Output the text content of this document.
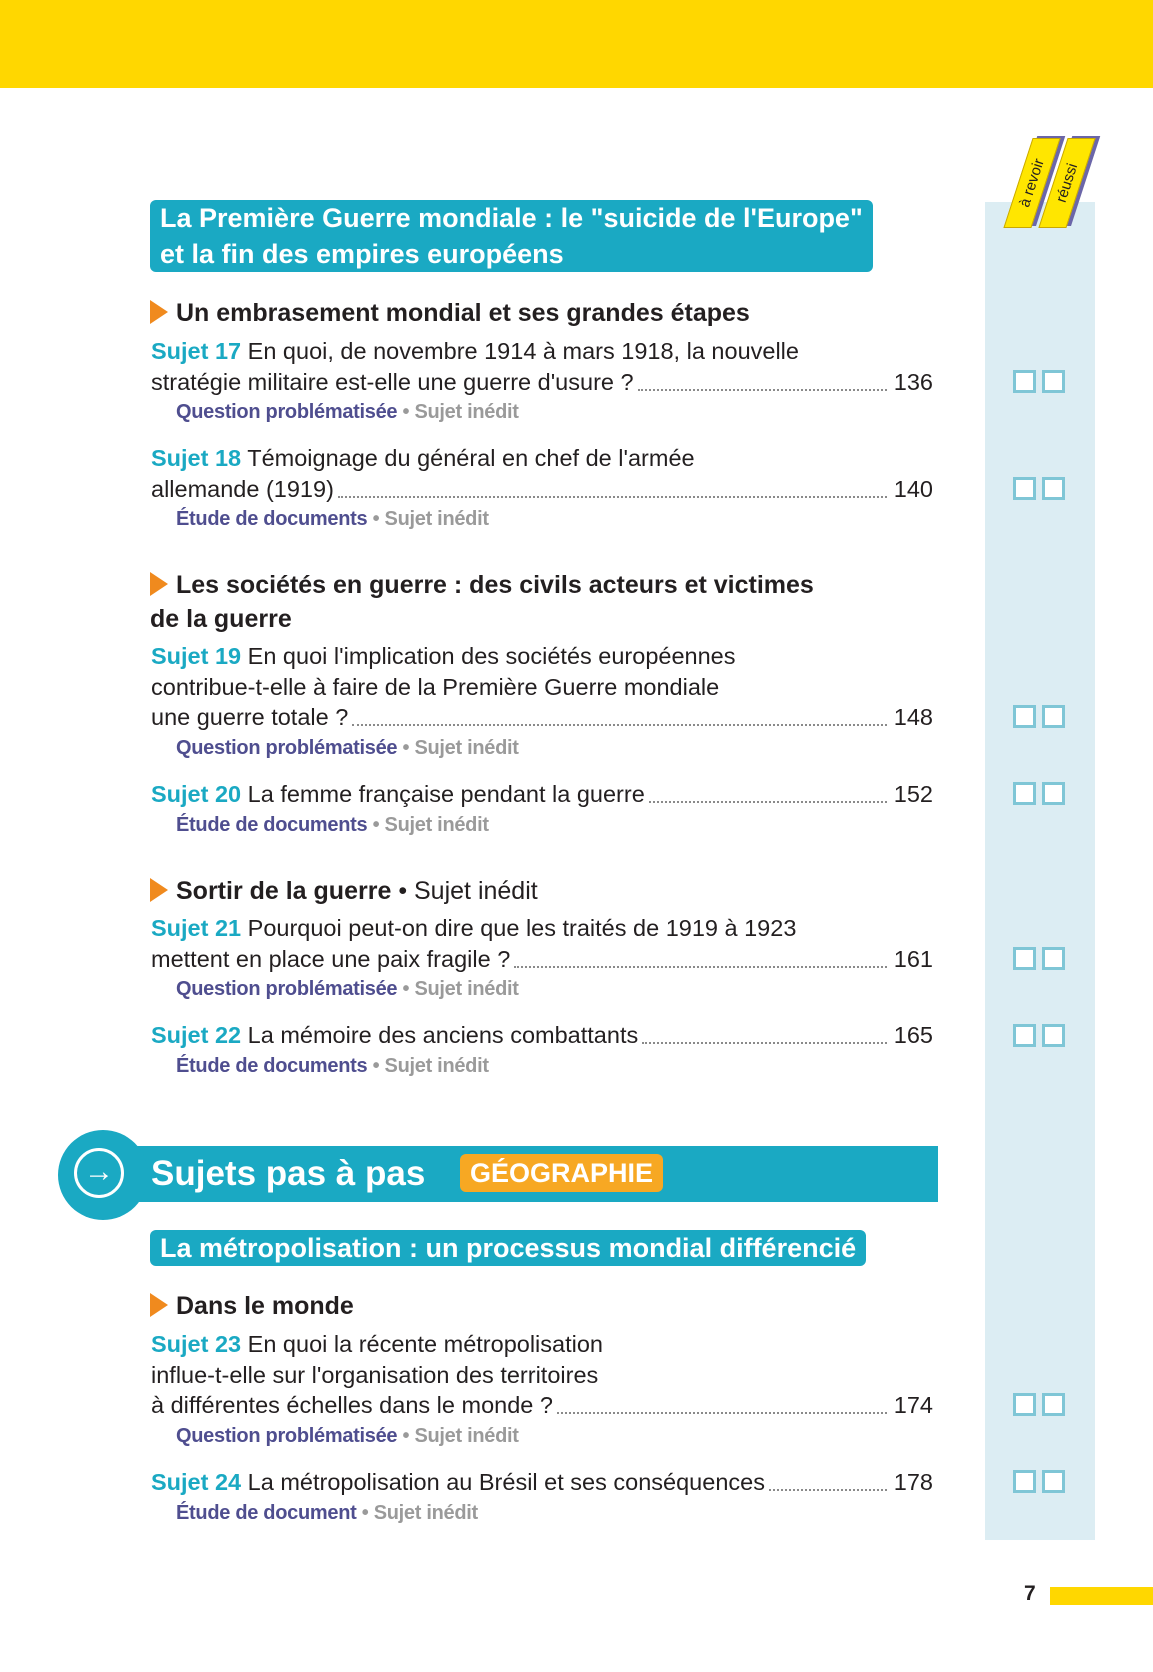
à revoir réussi
La Première Guerre mondiale : le "suicide de l'Europe"
et la fin des empires européens
Un embrasement mondial et ses grandes étapes
Sujet 17 En quoi, de novembre 1914 à mars 1918, la nouvelle
stratégie militaire est-elle une guerre d'usure ?	136
Question problématisée • Sujet inédit
Sujet 18 Témoignage du général en chef de l'armée
allemande (1919)	140
Étude de documents • Sujet inédit
Les sociétés en guerre : des civils acteurs et victimes
de la guerre
Sujet 19 En quoi l'implication des sociétés européennes
contribue-t-elle à faire de la Première Guerre mondiale
une guerre totale ?	148
Question problématisée • Sujet inédit
Sujet 20
La femme française pendant la guerre	152
Étude de documents • Sujet inédit
Sortir de la guerre • Sujet inédit
Sujet 21 Pourquoi peut-on dire que les traités de 1919 à 1923
mettent en place une paix fragile ?	161
Question problématisée • Sujet inédit
Sujet 22
La mémoire des anciens combattants	165
Étude de documents • Sujet inédit
→ Sujets pas à pas	GÉOGRAPHIE
La métropolisation : un processus mondial différencié
Dans le monde
Sujet 23 En quoi la récente métropolisation
influe-t-elle sur l'organisation des territoires
à différentes échelles dans le monde ?	174
Question problématisée • Sujet inédit
Sujet 24
La métropolisation au Brésil et ses conséquences	178
Étude de document • Sujet inédit
7
